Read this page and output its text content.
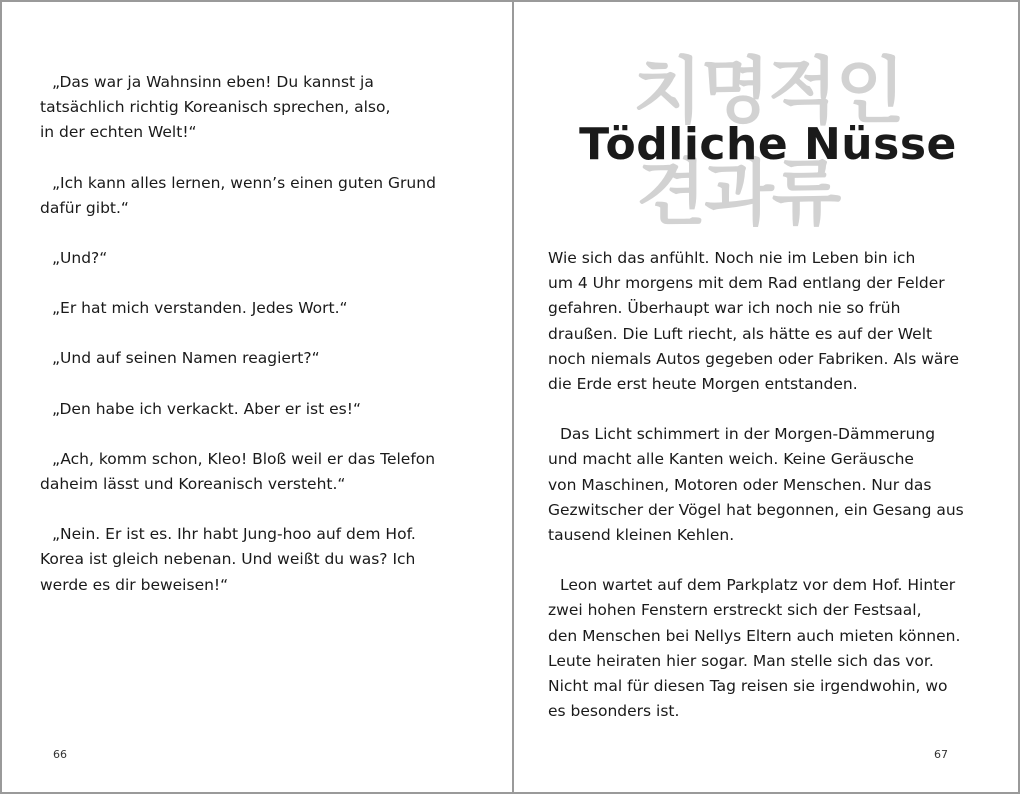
„Das war ja Wahnsinn eben! Du kannst ja
tatsächlich richtig Koreanisch sprechen, also,
in der echten Welt!“

„Ich kann alles lernen, wenn’s einen guten Grund
dafür gibt.“

„Und?“

„Er hat mich verstanden. Jedes Wort.“

„Und auf seinen Namen reagiert?“

„Den habe ich verkackt. Aber er ist es!“

„Ach, komm schon, Kleo! Bloß weil er das Telefon
daheim lässt und Koreanisch versteht.“

„Nein. Er ist es. Ihr habt Jung-hoo auf dem Hof.
Korea ist gleich nebenan. Und weißt du was? Ich
werde es dir beweisen!“

66
치명적인
견과류
Tödliche Nüsse

Wie sich das anfühlt. Noch nie im Leben bin ich
um 4 Uhr morgens mit dem Rad entlang der Felder
gefahren. Überhaupt war ich noch nie so früh
draußen. Die Luft riecht, als hätte es auf der Welt
noch niemals Autos gegeben oder Fabriken. Als wäre
die Erde erst heute Morgen entstanden.

Das Licht schimmert in der Morgen-Dämmerung
und macht alle Kanten weich. Keine Geräusche
von Maschinen, Motoren oder Menschen. Nur das
Gezwitscher der Vögel hat begonnen, ein Gesang aus
tausend kleinen Kehlen.

Leon wartet auf dem Parkplatz vor dem Hof. Hinter
zwei hohen Fenstern erstreckt sich der Festsaal,
den Menschen bei Nellys Eltern auch mieten können.
Leute heiraten hier sogar. Man stelle sich das vor.
Nicht mal für diesen Tag reisen sie irgendwohin, wo
es besonders ist.

67
